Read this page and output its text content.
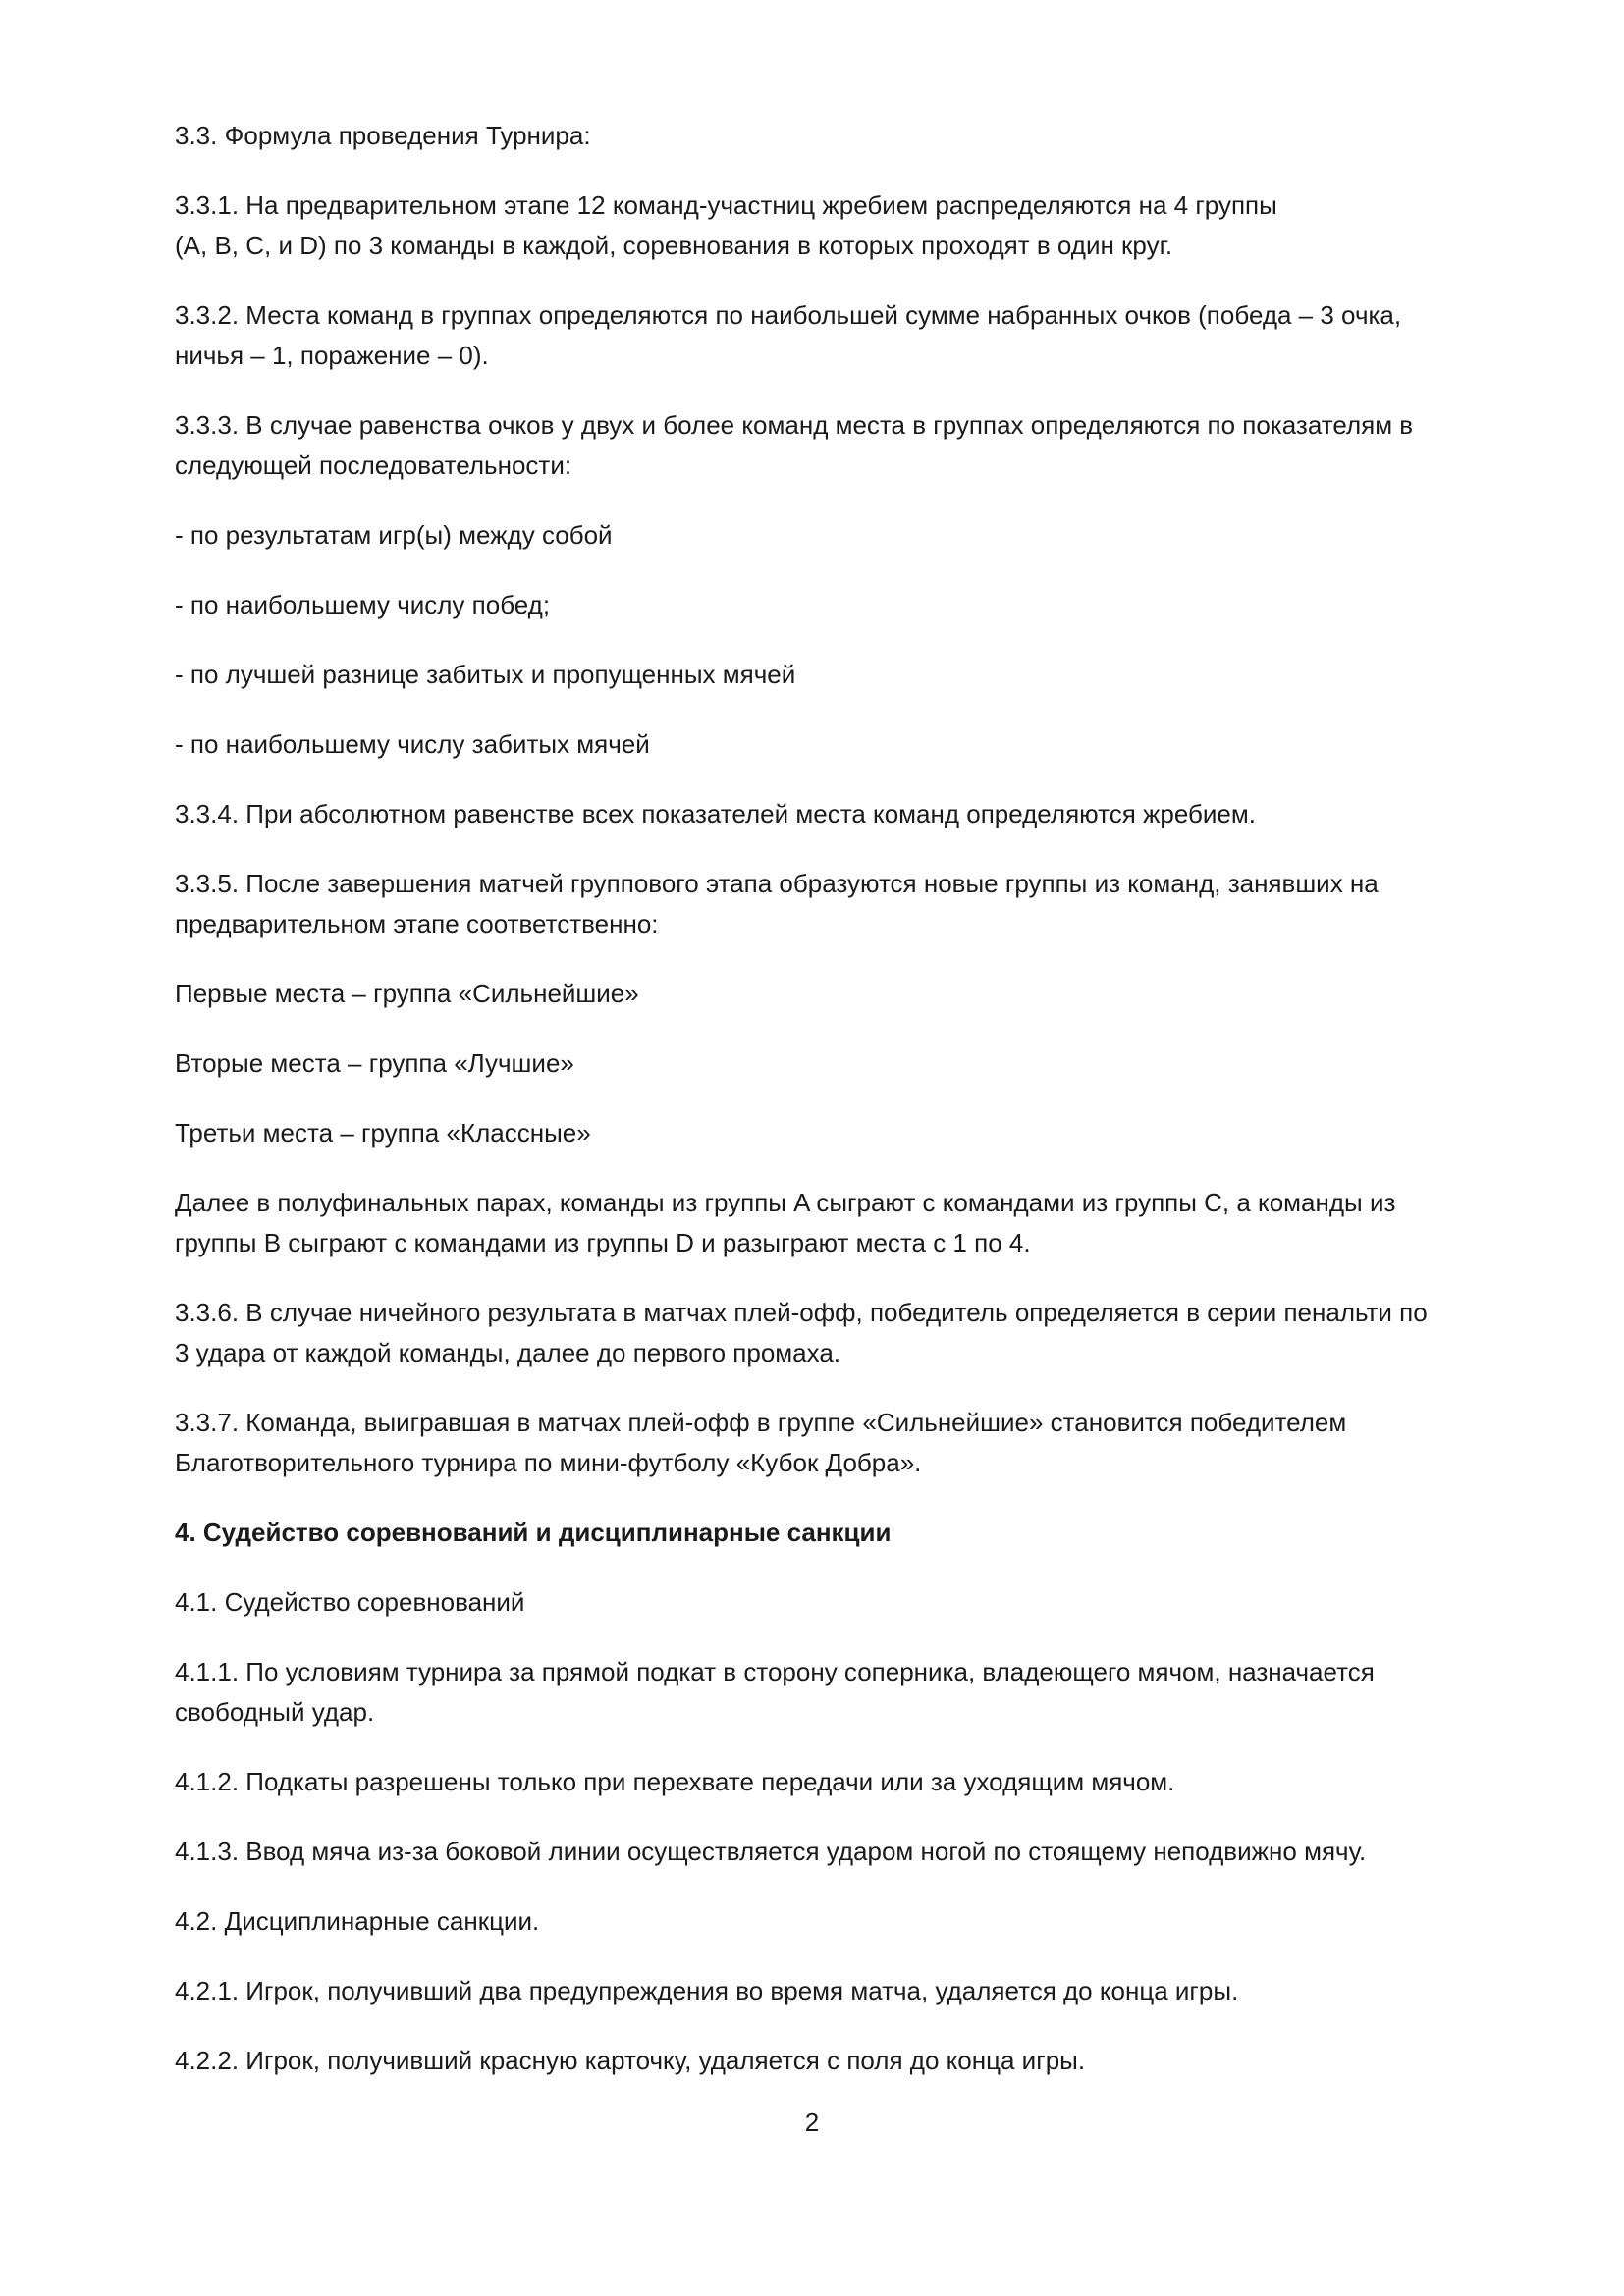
3.3. Формула проведения Турнира:

3.3.1. На предварительном этапе 12 команд-участниц жребием распределяются на 4 группы
(A, B, C, и D) по 3 команды в каждой, соревнования в которых проходят в один круг.

3.3.2. Места команд в группах определяются по наибольшей сумме набранных очков (победа – 3 очка,
ничья – 1, поражение – 0).

3.3.3. В случае равенства очков у двух и более команд места в группах определяются по показателям в
следующей последовательности:

- по результатам игр(ы) между собой

- по наибольшему числу побед;

- по лучшей разнице забитых и пропущенных мячей

- по наибольшему числу забитых мячей

3.3.4. При абсолютном равенстве всех показателей места команд определяются жребием.

3.3.5. После завершения матчей группового этапа образуются новые группы из команд, занявших на
предварительном этапе соответственно:

Первые места – группа «Сильнейшие»

Вторые места – группа «Лучшие»

Третьи места – группа «Классные»

Далее в полуфинальных парах, команды из группы A сыграют с командами из группы C, а команды из
группы B сыграют с командами из группы D и разыграют места с 1 по 4.

3.3.6. В случае ничейного результата в матчах плей-офф, победитель определяется в серии пенальти по
3 удара от каждой команды, далее до первого промаха.

3.3.7. Команда, выигравшая в матчах плей-офф в группе «Сильнейшие» становится победителем
Благотворительного турнира по мини-футболу «Кубок Добра».

4. Судейство соревнований и дисциплинарные санкции

4.1. Судейство соревнований

4.1.1. По условиям турнира за прямой подкат в сторону соперника, владеющего мячом, назначается
свободный удар.

4.1.2. Подкаты разрешены только при перехвате передачи или за уходящим мячом.

4.1.3. Ввод мяча из-за боковой линии осуществляется ударом ногой по стоящему неподвижно мячу.

4.2. Дисциплинарные санкции.

4.2.1. Игрок, получивший два предупреждения во время матча, удаляется до конца игры.

4.2.2. Игрок, получивший красную карточку, удаляется с поля до конца игры.

2
